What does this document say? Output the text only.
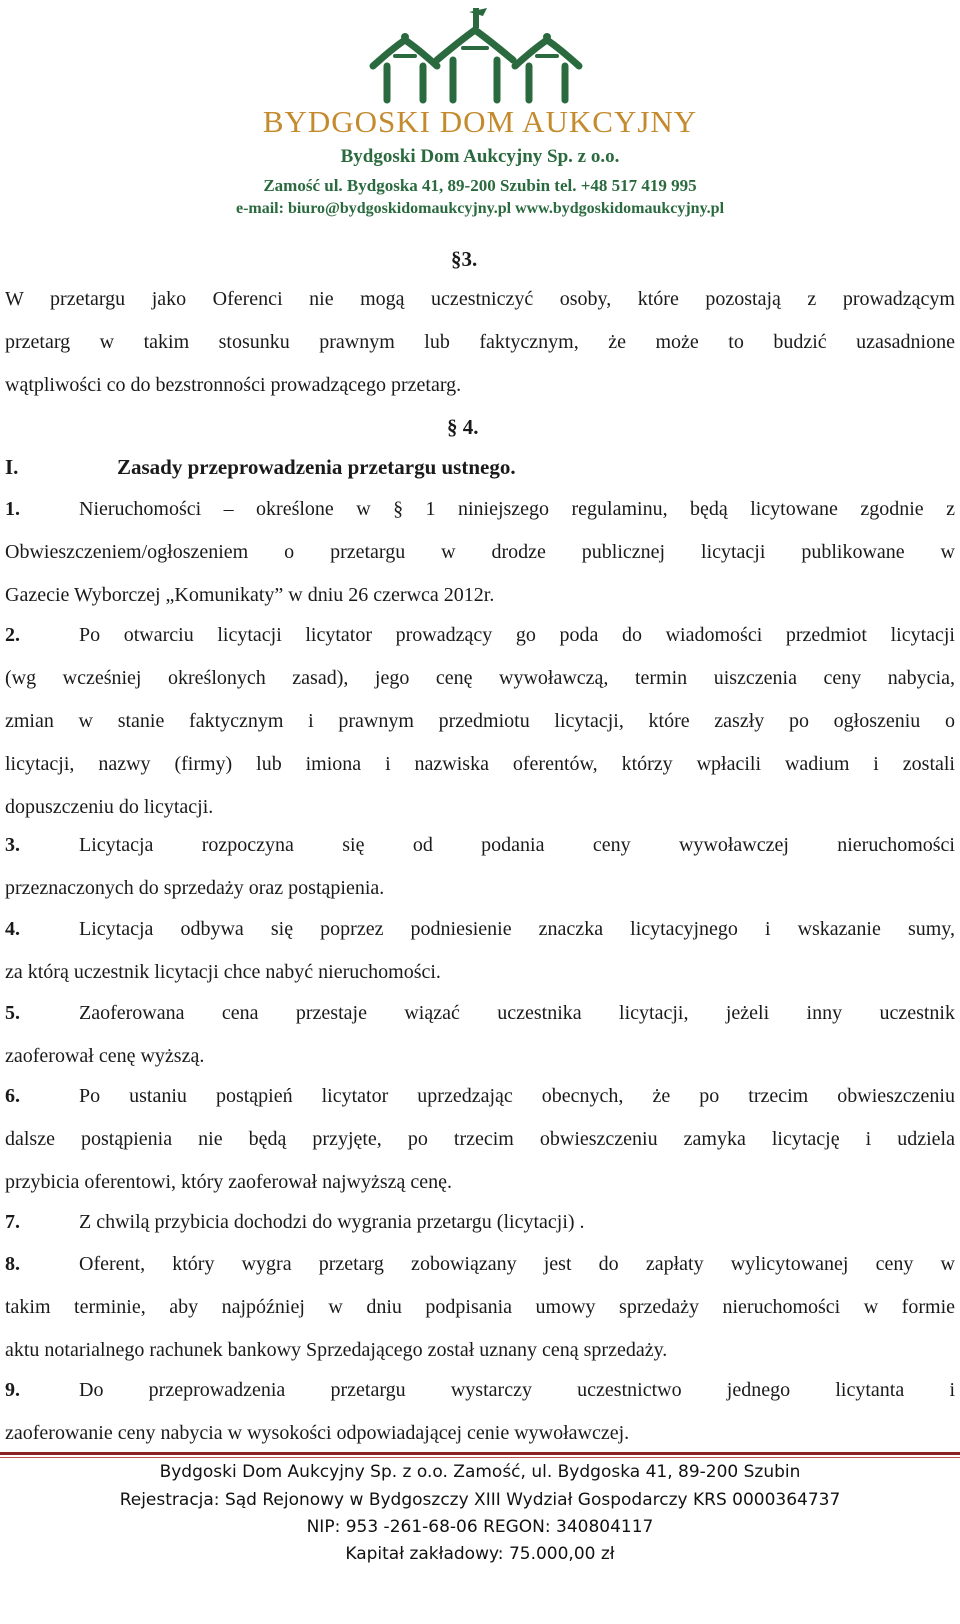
BYDGOSKI DOM AUKCYJNY
Bydgoski Dom Aukcyjny Sp. z o.o.
Zamość ul. Bydgoska 41, 89-200 Szubin tel. +48 517 419 995
e-mail: biuro@bydgoskidomaukcyjny.pl www.bydgoskidomaukcyjny.pl
§3.
W przetargu jako Oferenci nie mogą uczestniczyć osoby, które pozostają z prowadzącym
przetarg w takim stosunku prawnym lub faktycznym, że może to budzić uzasadnione
wątpliwości co do bezstronności prowadzącego przetarg.
§ 4.
I.	Zasady przeprowadzenia przetargu ustnego.
1.	Nieruchomości – określone w § 1 niniejszego regulaminu, będą licytowane zgodnie z
Obwieszczeniem/ogłoszeniem o przetargu w drodze publicznej licytacji publikowane w
Gazecie Wyborczej „Komunikaty” w dniu 26 czerwca 2012r.
2.	Po otwarciu licytacji licytator prowadzący go poda do wiadomości przedmiot licytacji
(wg wcześniej określonych zasad), jego cenę wywoławczą, termin uiszczenia ceny nabycia,
zmian w stanie faktycznym i prawnym przedmiotu licytacji, które zaszły po ogłoszeniu o
licytacji, nazwy (firmy) lub imiona i nazwiska oferentów, którzy wpłacili wadium i zostali
dopuszczeniu do licytacji.
3.	Licytacja rozpoczyna się od podania ceny wywoławczej nieruchomości
przeznaczonych do sprzedaży oraz postąpienia.
4.	Licytacja odbywa się poprzez podniesienie znaczka licytacyjnego i wskazanie sumy,
za którą uczestnik licytacji chce nabyć nieruchomości.
5.	Zaoferowana cena przestaje wiązać uczestnika licytacji, jeżeli inny uczestnik
zaoferował cenę wyższą.
6.	Po ustaniu postąpień licytator uprzedzając obecnych, że po trzecim obwieszczeniu
dalsze postąpienia nie będą przyjęte, po trzecim obwieszczeniu zamyka licytację i udziela
przybicia oferentowi, który zaoferował najwyższą cenę.
7.	Z chwilą przybicia dochodzi do wygrania przetargu (licytacji) .
8.	Oferent, który wygra przetarg zobowiązany jest do zapłaty wylicytowanej ceny w
takim terminie, aby najpóźniej w dniu podpisania umowy sprzedaży nieruchomości w formie
aktu notarialnego rachunek bankowy Sprzedającego został uznany ceną sprzedaży.
9.	Do przeprowadzenia przetargu wystarczy uczestnictwo jednego licytanta i
zaoferowanie ceny nabycia w wysokości odpowiadającej cenie wywoławczej.
Bydgoski Dom Aukcyjny Sp. z o.o. Zamość, ul. Bydgoska 41, 89-200 Szubin
Rejestracja: Sąd Rejonowy w Bydgoszczy XIII Wydział Gospodarczy KRS 0000364737
NIP: 953 -261-68-06 REGON: 340804117
Kapitał zakładowy: 75.000,00 zł
